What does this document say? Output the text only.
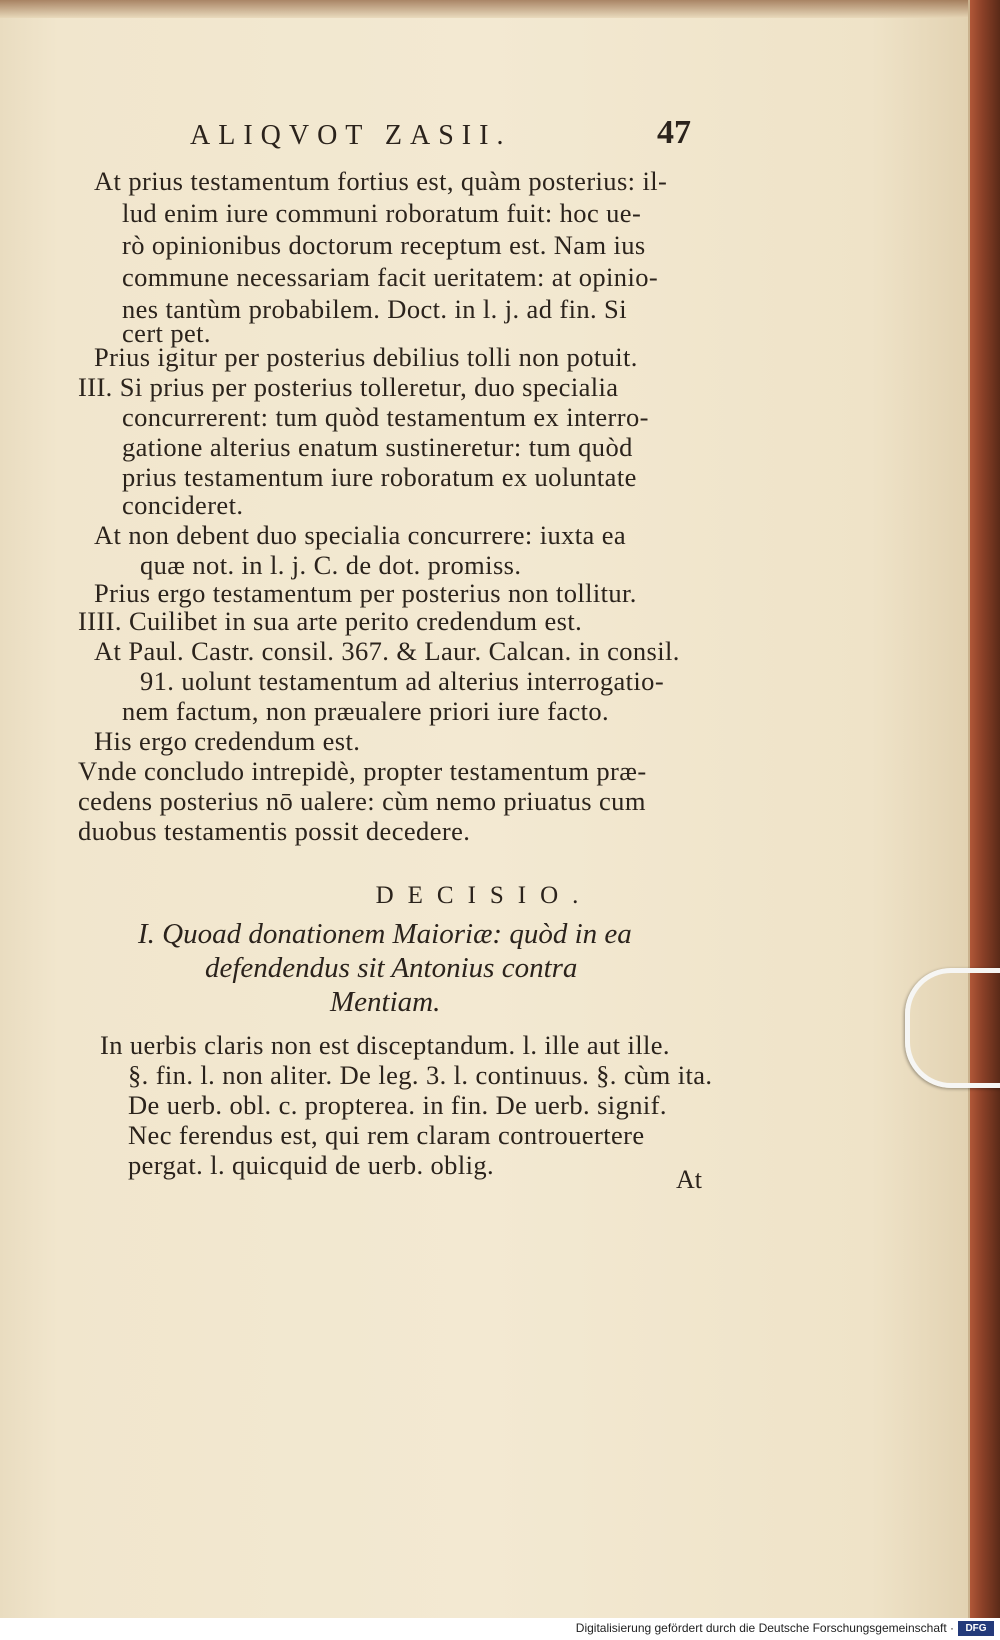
ALIQVOT ZASII.	47
At prius testamentum fortius est, quàm posterius: il-
lud enim iure communi roboratum fuit: hoc ue-
rò opinionibus doctorum receptum est. Nam ius
commune necessariam facit ueritatem: at opinio-
nes tantùm probabilem. Doct. in l. j. ad fin. Si
cert pet.
Prius igitur per posterius debilius tolli non potuit.
III. Si prius per posterius tolleretur, duo specialia
concurrerent: tum quòd testamentum ex interro-
gatione alterius enatum sustineretur: tum quòd
prius testamentum iure roboratum ex uoluntate
concideret.
At non debent duo specialia concurrere: iuxta ea
quæ not. in l. j. C. de dot. promiss.
Prius ergo testamentum per posterius non tollitur.
IIII. Cuilibet in sua arte perito credendum est.
At Paul. Castr. consil. 367. & Laur. Calcan. in consil.
91. uolunt testamentum ad alterius interrogatio-
nem factum, non præualere priori iure facto.
His ergo credendum est.
Vnde concludo intrepidè, propter testamentum præ-
cedens posterius nō ualere: cùm nemo priuatus cum
duobus testamentis possit decedere.
DECISIO.
I. Quoad donationem Maioriæ: quòd in ea
defendendus sit Antonius contra
Mentiam.
In uerbis claris non est disceptandum. l. ille aut ille.
§. fin. l. non aliter. De leg. 3. l. continuus. §. cùm ita.
De uerb. obl. c. propterea. in fin. De uerb. signif.
Nec ferendus est, qui rem claram controuertere
pergat. l. quicquid de uerb. oblig.	At
Digitalisierung gefördert durch die Deutsche Forschungsgemeinschaft ·	DFG
